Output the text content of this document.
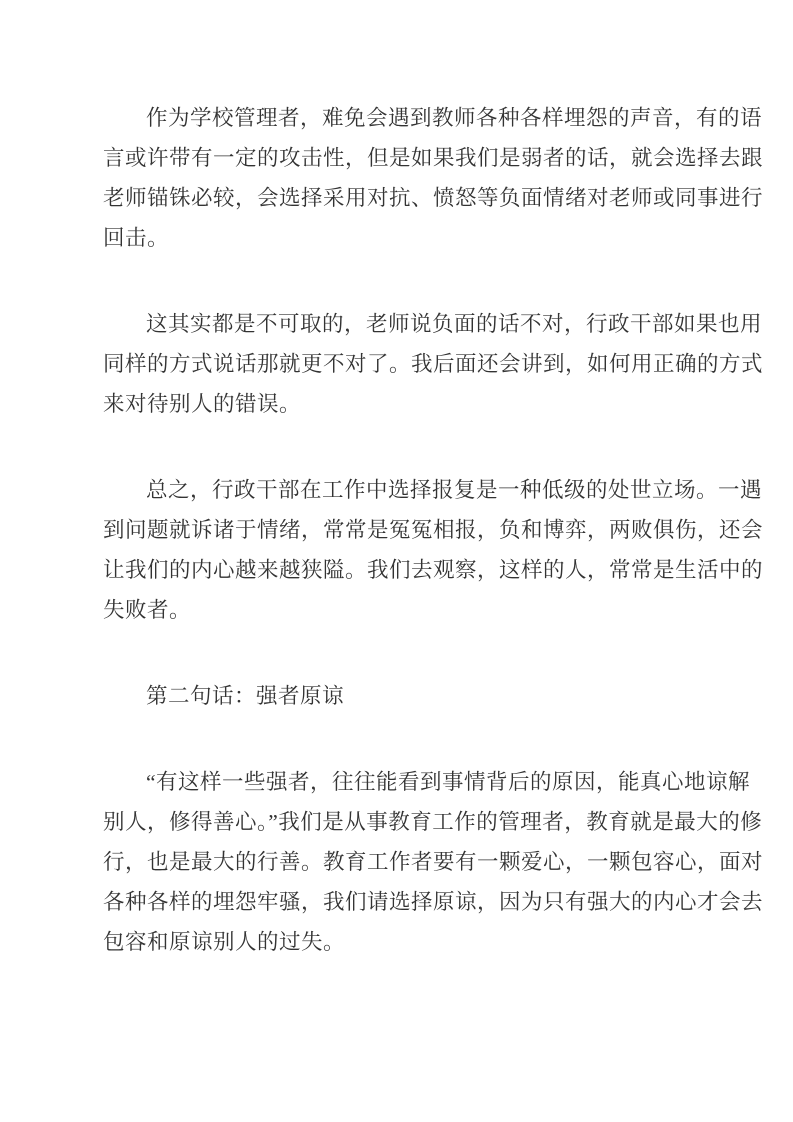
作为学校管理者，难免会遇到教师各种各样埋怨的声音，有的语
言或许带有一定的攻击性，但是如果我们是弱者的话，就会选择去跟
老师锚铢必较，会选择采用对抗、愤怒等负面情绪对老师或同事进行
回击。
这其实都是不可取的，老师说负面的话不对，行政干部如果也用
同样的方式说话那就更不对了。我后面还会讲到，如何用正确的方式
来对待别人的错误。
总之，行政干部在工作中选择报复是一种低级的处世立场。一遇
到问题就诉诸于情绪，常常是冤冤相报，负和博弈，两败俱伤，还会
让我们的内心越来越狭隘。我们去观察，这样的人，常常是生活中的
失败者。
第二句话：强者原谅
“有这样一些强者，往往能看到事情背后的原因，能真心地谅解
别人，修得善心。”我们是从事教育工作的管理者，教育就是最大的修
行，也是最大的行善。教育工作者要有一颗爱心，一颗包容心，面对
各种各样的埋怨牢骚，我们请选择原谅，因为只有强大的内心才会去
包容和原谅别人的过失。
